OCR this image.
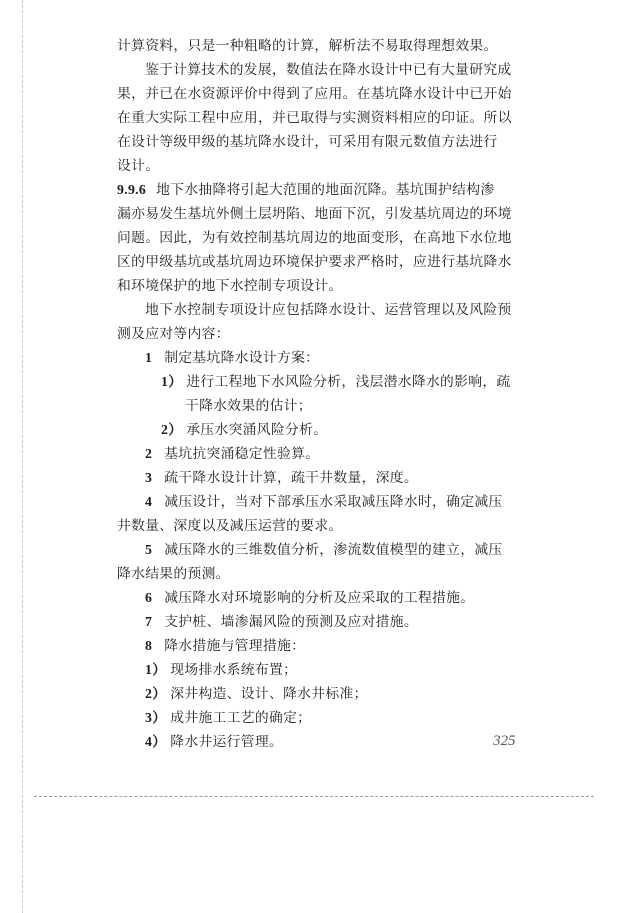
计算资料，只是一种粗略的计算，解析法不易取得理想效果。
鉴于计算技术的发展，数值法在降水设计中已有大量研究成
果，并已在水资源评价中得到了应用。在基坑降水设计中已开始
在重大实际工程中应用，并已取得与实测资料相应的印证。所以
在设计等级甲级的基坑降水设计，可采用有限元数值方法进行
设计。
9.9.6 地下水抽降将引起大范围的地面沉降。基坑围护结构渗
漏亦易发生基坑外侧土层坍陷、地面下沉，引发基坑周边的环境
问题。因此，为有效控制基坑周边的地面变形，在高地下水位地
区的甲级基坑或基坑周边环境保护要求严格时，应进行基坑降水
和环境保护的地下水控制专项设计。
地下水控制专项设计应包括降水设计、运营管理以及风险预
测及应对等内容：
1 制定基坑降水设计方案：
1） 进行工程地下水风险分析，浅层潜水降水的影响，疏
干降水效果的估计；
2） 承压水突涌风险分析。
2 基坑抗突涌稳定性验算。
3 疏干降水设计计算，疏干井数量，深度。
4 减压设计，当对下部承压水采取减压降水时，确定减压
井数量、深度以及减压运营的要求。
5 减压降水的三维数值分析，渗流数值模型的建立，减压
降水结果的预测。
6 减压降水对环境影响的分析及应采取的工程措施。
7 支护桩、墙渗漏风险的预测及应对措施。
8 降水措施与管理措施：
1） 现场排水系统布置；
2） 深井构造、设计、降水井标准；
3） 成井施工工艺的确定；
4） 降水井运行管理。	325
